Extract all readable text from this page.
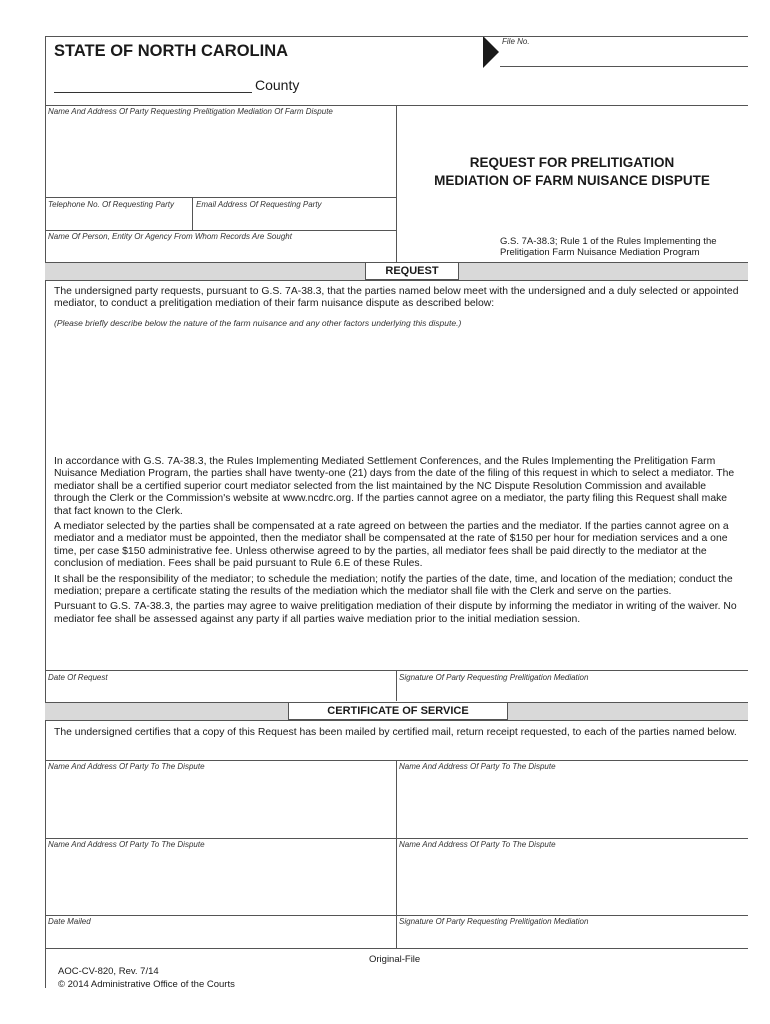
STATE OF NORTH CAROLINA
County
File No.
Name And Address Of Party Requesting Prelitigation Mediation Of Farm Dispute
Telephone No. Of Requesting Party	Email Address Of Requesting Party
Name Of Person, Entity Or Agency From Whom Records Are Sought
REQUEST FOR PRELITIGATION
MEDIATION OF FARM NUISANCE DISPUTE
G.S. 7A-38.3; Rule 1 of the Rules Implementing the
Prelitigation Farm Nuisance Mediation Program
REQUEST
The undersigned party requests, pursuant to G.S. 7A-38.3, that the parties named below meet with the undersigned and a duly selected or appointed mediator, to conduct a prelitigation mediation of their farm nuisance dispute as described below:
(Please briefly describe below the nature of the farm nuisance and any other factors underlying this dispute.)

In accordance with G.S. 7A-38.3, the Rules Implementing Mediated Settlement Conferences, and the Rules Implementing the Prelitigation Farm Nuisance Mediation Program, the parties shall have twenty-one (21) days from the date of the filing of this request in which to select a mediator. The mediator shall be a certified superior court mediator selected from the list maintained by the NC Dispute Resolution Commission and available through the Clerk or the Commission's website at www.ncdrc.org. If the parties cannot agree on a mediator, the party filing this Request shall make that fact known to the Clerk.

A mediator selected by the parties shall be compensated at a rate agreed on between the parties and the mediator. If the parties cannot agree on a mediator and a mediator must be appointed, then the mediator shall be compensated at the rate of $150 per hour for mediation services and a one time, per case $150 administrative fee. Unless otherwise agreed to by the parties, all mediator fees shall be paid directly to the mediator at the conclusion of mediation. Fees shall be paid pursuant to Rule 6.E of these Rules.

It shall be the responsibility of the mediator; to schedule the mediation; notify the parties of the date, time, and location of the mediation; conduct the mediation; prepare a certificate stating the results of the mediation which the mediator shall file with the Clerk and serve on the parties.

Pursuant to G.S. 7A-38.3, the parties may agree to waive prelitigation mediation of their dispute by informing the mediator in writing of the waiver. No mediator fee shall be assessed against any party if all parties waive mediation prior to the initial mediation session.

Date Of Request	Signature Of Party Requesting Prelitigation Mediation
CERTIFICATE OF SERVICE
The undersigned certifies that a copy of this Request has been mailed by certified mail, return receipt requested, to each of the parties named below.
Name And Address Of Party To The Dispute	Name And Address Of Party To The Dispute
Name And Address Of Party To The Dispute	Name And Address Of Party To The Dispute
Date Mailed	Signature Of Party Requesting Prelitigation Mediation
Original-File
AOC-CV-820, Rev. 7/14
© 2014 Administrative Office of the Courts
